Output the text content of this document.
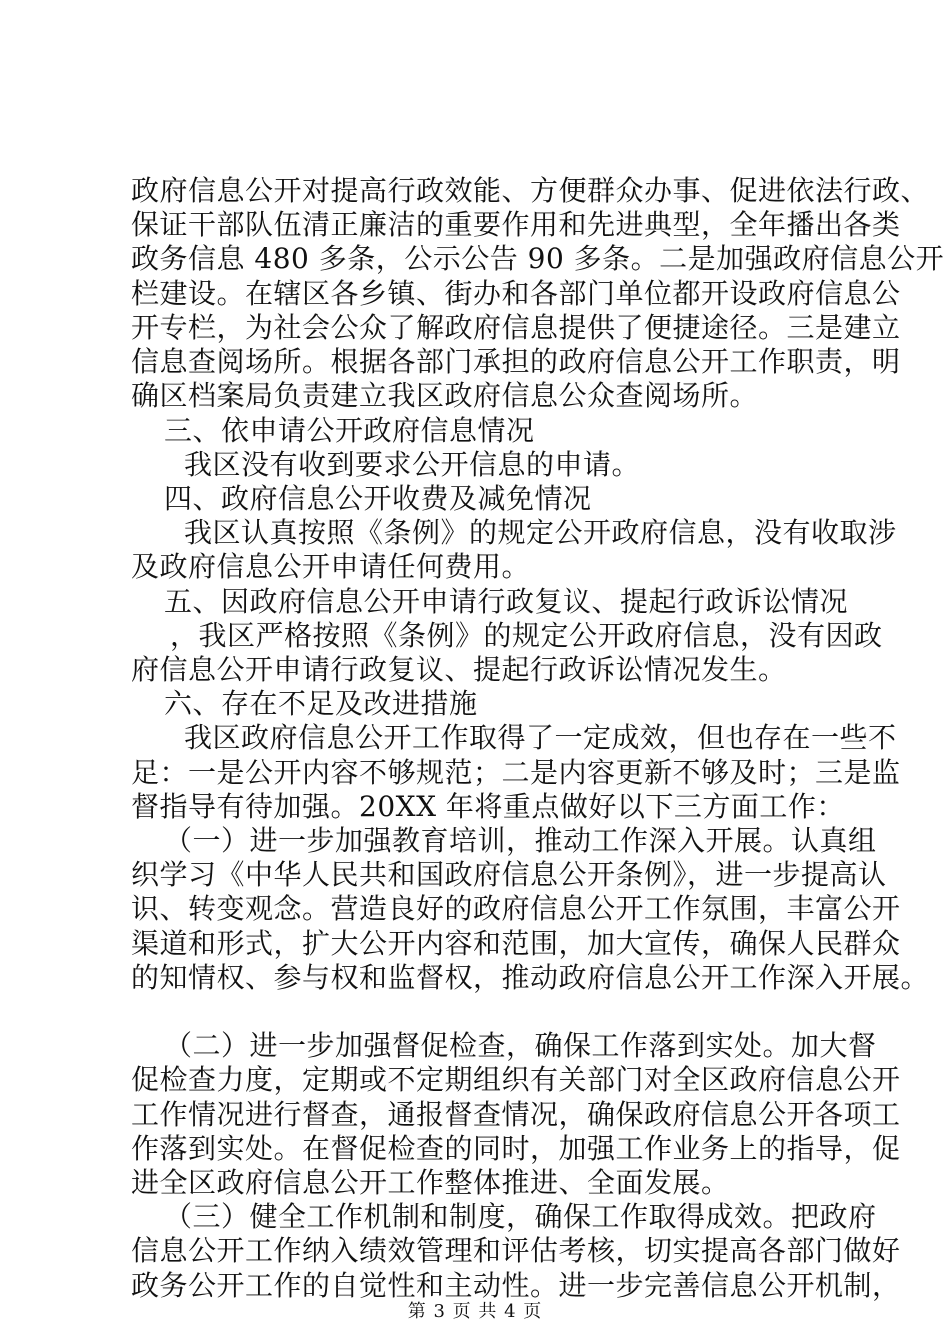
政府信息公开对提高行政效能、方便群众办事、促进依法行政、
保证干部队伍清正廉洁的重要作用和先进典型，全年播出各类
政务信息 480 多条，公示公告 90 多条。二是加强政府信息公开
栏建设。在辖区各乡镇、街办和各部门单位都开设政府信息公
开专栏，为社会公众了解政府信息提供了便捷途径。三是建立
信息查阅场所。根据各部门承担的政府信息公开工作职责，明
确区档案局负责建立我区政府信息公众查阅场所。
三、依申请公开政府信息情况
我区没有收到要求公开信息的申请。
四、政府信息公开收费及减免情况
我区认真按照《条例》的规定公开政府信息，没有收取涉
及政府信息公开申请任何费用。
五、因政府信息公开申请行政复议、提起行政诉讼情况
，我区严格按照《条例》的规定公开政府信息，没有因政
府信息公开申请行政复议、提起行政诉讼情况发生。
六、存在不足及改进措施
我区政府信息公开工作取得了一定成效，但也存在一些不
足：一是公开内容不够规范；二是内容更新不够及时；三是监
督指导有待加强。20XX 年将重点做好以下三方面工作：
（一）进一步加强教育培训，推动工作深入开展。认真组
织学习《中华人民共和国政府信息公开条例》，进一步提高认
识、转变观念。营造良好的政府信息公开工作氛围，丰富公开
渠道和形式，扩大公开内容和范围，加大宣传，确保人民群众
的知情权、参与权和监督权，推动政府信息公开工作深入开展。
（二）进一步加强督促检查，确保工作落到实处。加大督
促检查力度，定期或不定期组织有关部门对全区政府信息公开
工作情况进行督查，通报督查情况，确保政府信息公开各项工
作落到实处。在督促检查的同时，加强工作业务上的指导，促
进全区政府信息公开工作整体推进、全面发展。
（三）健全工作机制和制度，确保工作取得成效。把政府
信息公开工作纳入绩效管理和评估考核，切实提高各部门做好
政务公开工作的自觉性和主动性。进一步完善信息公开机制，
第 3 页 共 4 页
